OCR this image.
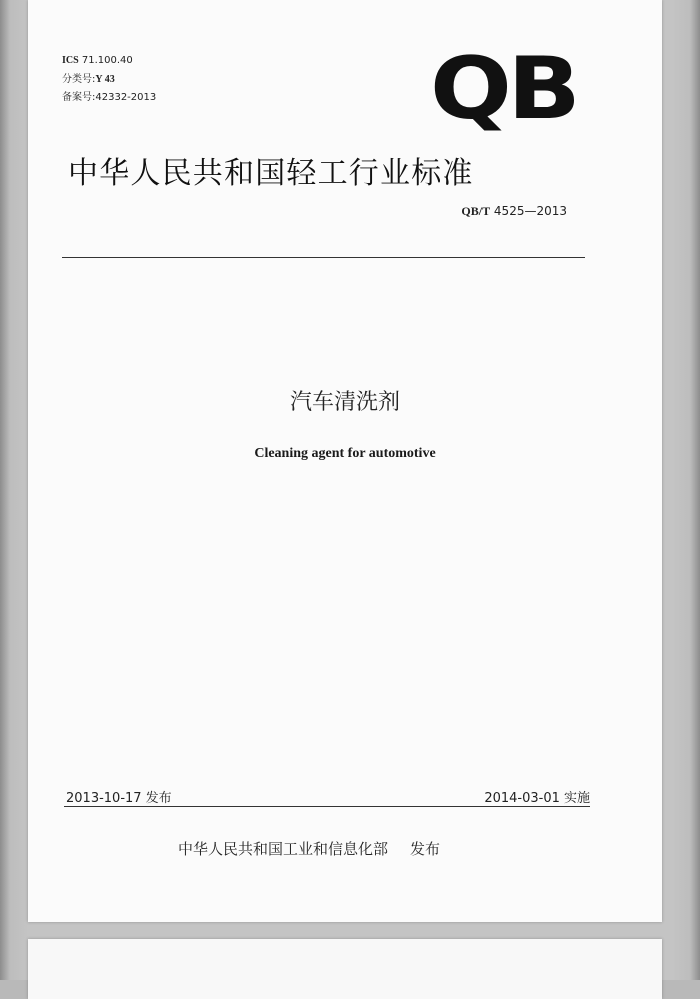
ICS 71.100.40
分类号:Y 43
备案号:42332-2013	QB
中华人民共和国轻工行业标准
QB/T 4525—2013
汽车清洗剂
Cleaning agent for automotive
2013-10-17 发布	2014-03-01 实施
中华人民共和国工业和信息化部 发布
